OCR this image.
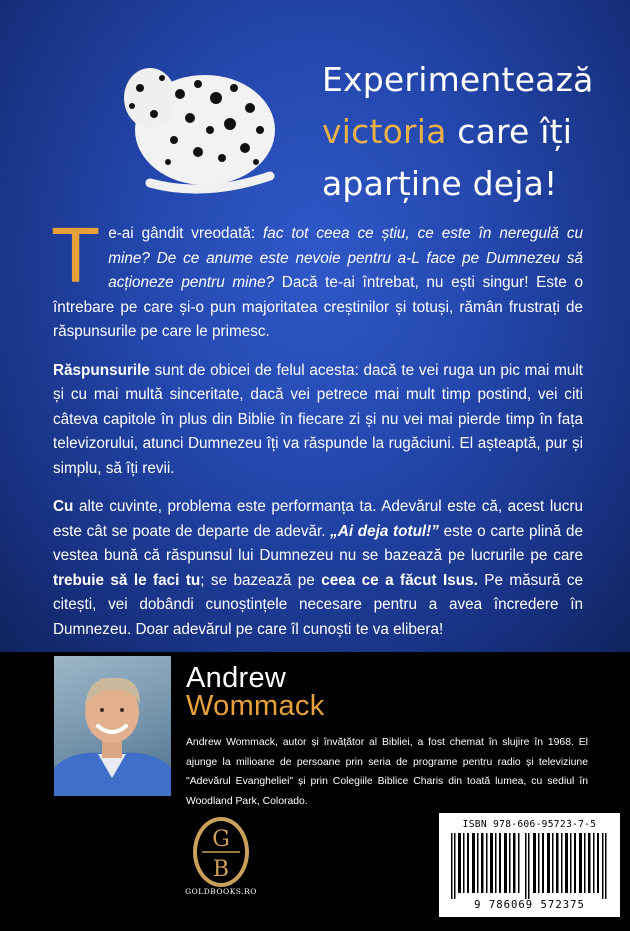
Experimentează
victoria care îți
aparține deja!

Te-ai gândit vreodată: fac tot ceea ce știu, ce este în neregulă cu mine? De ce anume este nevoie pentru a-L face pe Dumnezeu să acționeze pentru mine? Dacă te-ai întrebat, nu ești singur! Este o întrebare pe care și-o pun majoritatea creștinilor și totuși, rămân frustrați de răspunsurile pe care le primesc.

Răspunsurile sunt de obicei de felul acesta: dacă te vei ruga un pic mai mult și cu mai multă sinceritate, dacă vei petrece mai mult timp postind, vei citi câteva capitole în plus din Biblie în fiecare zi și nu vei mai pierde timp în fața televizorului, atunci Dumnezeu îți va răspunde la rugăciuni. El așteaptă, pur și simplu, să îți revii.

Cu alte cuvinte, problema este performanța ta. Adevărul este că, acest lucru este cât se poate de departe de adevăr. „Ai deja totul!” este o carte plină de vestea bună că răspunsul lui Dumnezeu nu se bazează pe lucrurile pe care trebuie să le faci tu; se bazează pe ceea ce a făcut Isus. Pe măsură ce citești, vei dobândi cunoștințele necesare pentru a avea încredere în Dumnezeu. Doar adevărul pe care îl cunoști te va elibera!

Andrew
Wommack
Andrew Wommack, autor și învățător al Bibliei, a fost chemat în slujire în 1968. El ajunge la milioane de persoane prin seria de programe pentru radio și televiziune "Adevărul Evangheliei" și prin Colegiile Biblice Charis din toată lumea, cu sediul în Woodland Park, Colorado.
G
B
GOLDBOOKS.RO
ISBN 978-606-95723-7-5
9 786069 572375
